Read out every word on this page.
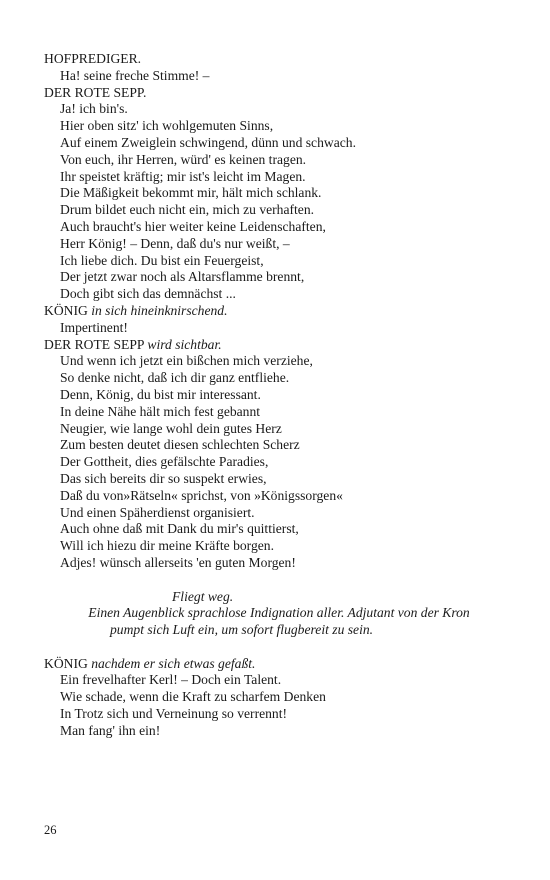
HOFPREDIGER.
Ha! seine freche Stimme! –
DER ROTE SEPP.
Ja! ich bin's.
Hier oben sitz' ich wohlgemuten Sinns,
Auf einem Zweiglein schwingend, dünn und schwach.
Von euch, ihr Herren, würd' es keinen tragen.
Ihr speistet kräftig; mir ist's leicht im Magen.
Die Mäßigkeit bekommt mir, hält mich schlank.
Drum bildet euch nicht ein, mich zu verhaften.
Auch braucht's hier weiter keine Leidenschaften,
Herr König! – Denn, daß du's nur weißt, –
Ich liebe dich. Du bist ein Feuergeist,
Der jetzt zwar noch als Altarsflamme brennt,
Doch gibt sich das demnächst ...
KÖNIG in sich hineinknirschend.
Impertinent!
DER ROTE SEPP wird sichtbar.
Und wenn ich jetzt ein bißchen mich verziehe,
So denke nicht, daß ich dir ganz entfliehe.
Denn, König, du bist mir interessant.
In deine Nähe hält mich fest gebannt
Neugier, wie lange wohl dein gutes Herz
Zum besten deutet diesen schlechten Scherz
Der Gottheit, dies gefälschte Paradies,
Das sich bereits dir so suspekt erwies,
Daß du von»Rätseln« sprichst, von »Königssorgen«
Und einen Späherdienst organisiert.
Auch ohne daß mit Dank du mir's quittierst,
Will ich hiezu dir meine Kräfte borgen.
Adjes! wünsch allerseits 'en guten Morgen!
Fliegt weg.
Einen Augenblick sprachlose Indignation aller. Adjutant von der Kron
pumpt sich Luft ein, um sofort flugbereit zu sein.
KÖNIG nachdem er sich etwas gefaßt.
Ein frevelhafter Kerl! – Doch ein Talent.
Wie schade, wenn die Kraft zu scharfem Denken
In Trotz sich und Verneinung so verrennt!
Man fang' ihn ein!
26
